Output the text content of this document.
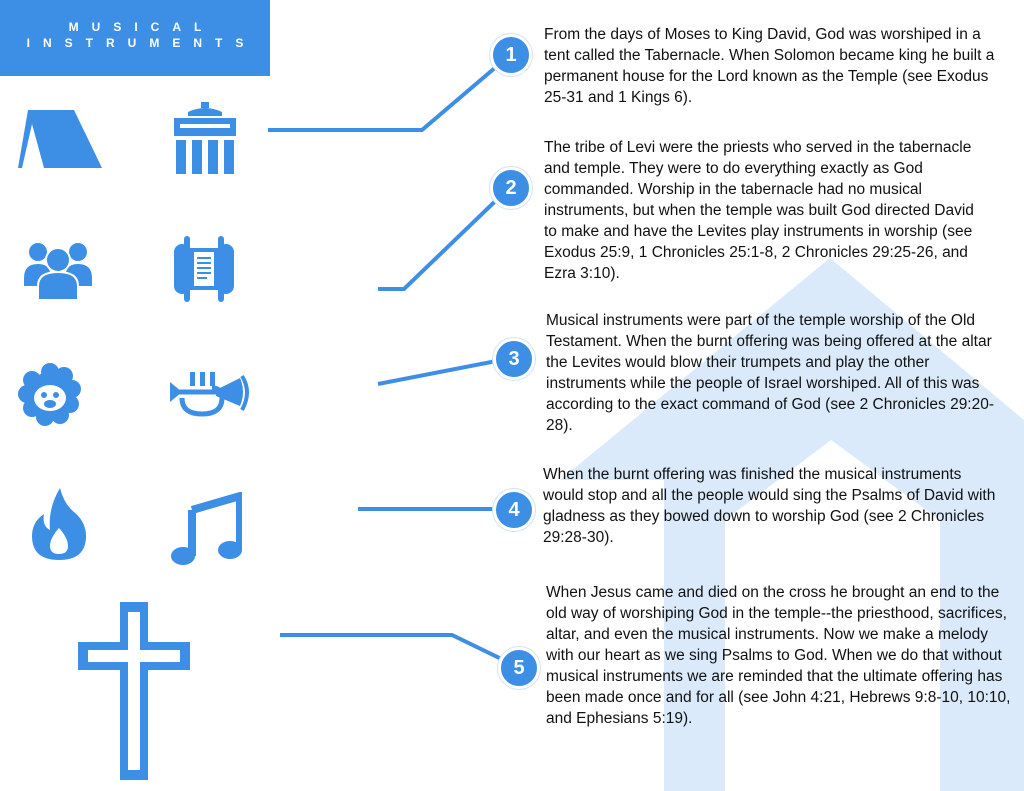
MUSICAL
INSTRUMENTS
1
2
3
4
5
From the days of Moses to King David, God was worshiped in a tent called the Tabernacle. When Solomon became king he built a permanent house for the Lord known as the Temple (see Exodus 25-31 and 1 Kings 6).
The tribe of Levi were the priests who served in the tabernacle and temple. They were to do everything exactly as God commanded. Worship in the tabernacle had no musical instruments, but when the temple was built God directed David to make and have the Levites play instruments in worship (see Exodus 25:9, 1 Chronicles 25:1-8, 2 Chronicles 29:25-26, and Ezra 3:10).
Musical instruments were part of the temple worship of the Old Testament. When the burnt offering was being offered at the altar the Levites would blow their trumpets and play the other instruments while the people of Israel worshiped. All of this was according to the exact command of God (see 2 Chronicles 29:20-28).
When the burnt offering was finished the musical instruments would stop and all the people would sing the Psalms of David with gladness as they bowed down to worship God (see 2 Chronicles 29:28-30).
When Jesus came and died on the cross he brought an end to the old way of worshiping God in the temple--the priesthood, sacrifices, altar, and even the musical instruments. Now we make a melody with our heart as we sing Psalms to God. When we do that without musical instruments we are reminded that the ultimate offering has been made once and for all (see John 4:21, Hebrews 9:8-10, 10:10, and Ephesians 5:19).
